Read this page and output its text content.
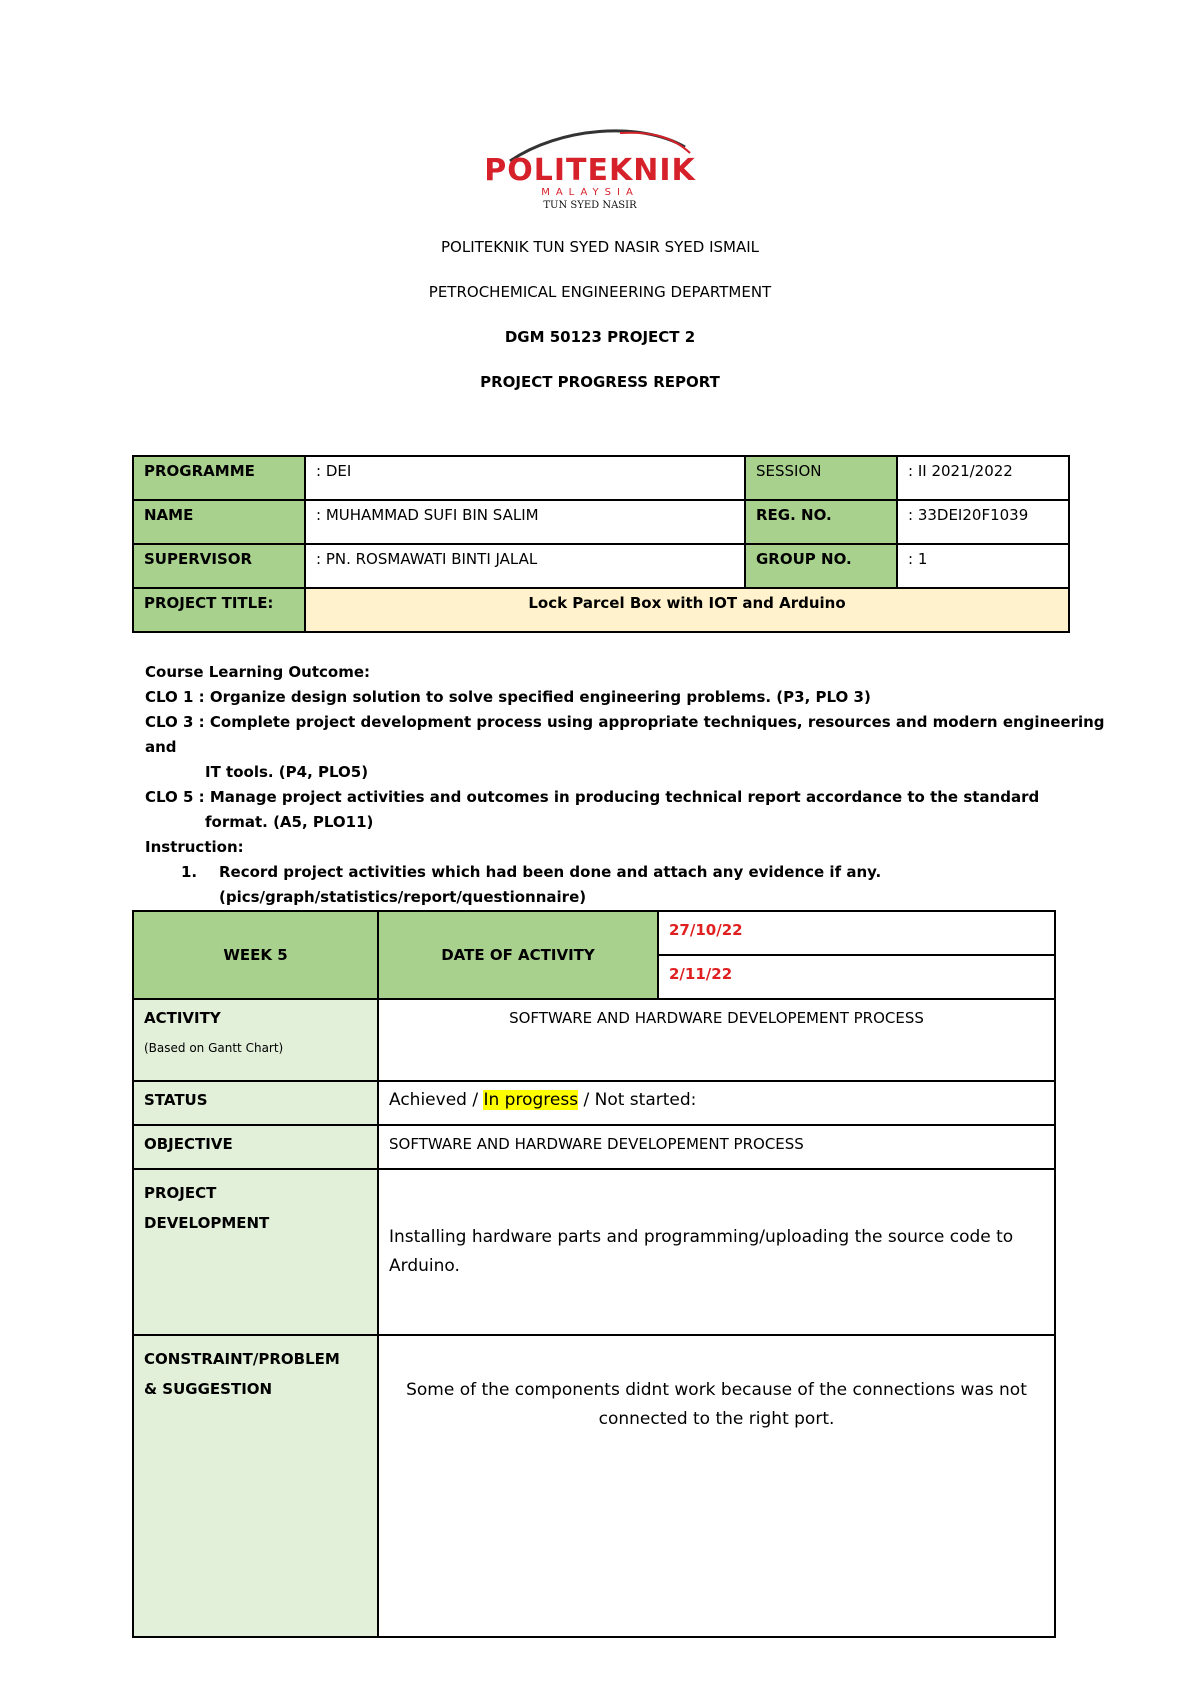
POLITEKNIK
MALAYSIA
TUN SYED NASIR
POLITEKNIK TUN SYED NASIR SYED ISMAIL
PETROCHEMICAL ENGINEERING DEPARTMENT
DGM 50123 PROJECT 2
PROJECT PROGRESS REPORT
PROGRAMME	: DEI	SESSION	: II 2021/2022
NAME	: MUHAMMAD SUFI BIN SALIM	REG. NO.	: 33DEI20F1039
SUPERVISOR	: PN. ROSMAWATI BINTI JALAL	GROUP NO.	: 1
PROJECT TITLE:	Lock Parcel Box with IOT and Arduino		

Course Learning Outcome:

CLO 1 : Organize design solution to solve specified engineering problems. (P3, PLO 3)

CLO 3 : Complete project development process using appropriate techniques, resources and modern engineering and

IT tools. (P4, PLO5)

CLO 5 : Manage project activities and outcomes in producing technical report accordance to the standard

format. (A5, PLO11)

Instruction:

1. Record project activities which had been done and attach any evidence if any.

(pics/graph/statistics/report/questionnaire)

WEEK 5	DATE OF ACTIVITY	27/10/22
		2/11/22
ACTIVITY
(Based on Gantt Chart)	SOFTWARE AND HARDWARE DEVELOPEMENT PROCESS	
STATUS	Achieved / In progress / Not started:	
OBJECTIVE	SOFTWARE AND HARDWARE DEVELOPEMENT PROCESS	

PROJECT
DEVELOPMENT	Installing hardware parts and programming/uploading the source code to Arduino.	

CONSTRAINT/PROBLEM
& SUGGESTION	Some of the components didnt work because of the connections was not connected to the right port.	
